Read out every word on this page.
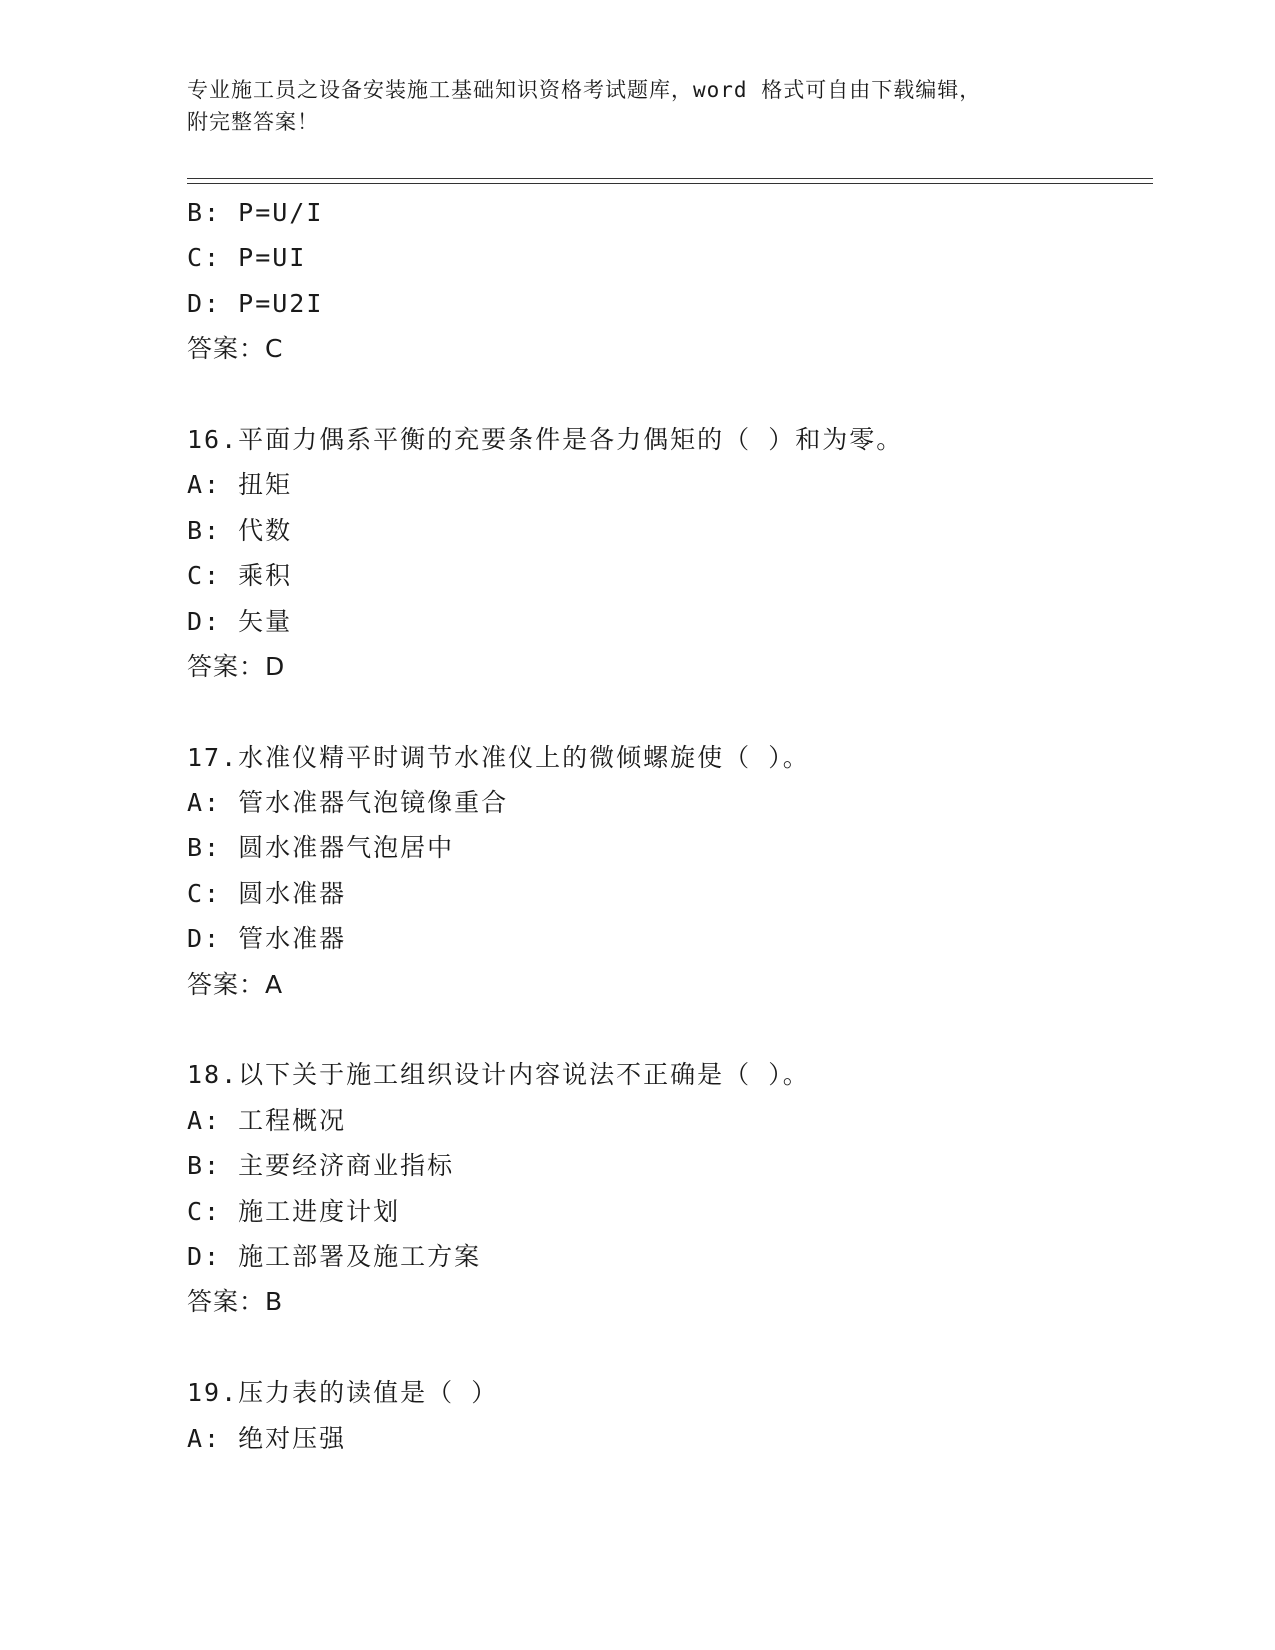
专业施工员之设备安装施工基础知识资格考试题库，word 格式可自由下载编辑，
附完整答案！
B: P=U/I
C: P=UI
D: P=U2I
答案：C
16.平面力偶系平衡的充要条件是各力偶矩的（ ）和为零。
A: 扭矩
B: 代数
C: 乘积
D: 矢量
答案：D
17.水准仪精平时调节水准仪上的微倾螺旋使（ ）。
A: 管水准器气泡镜像重合
B: 圆水准器气泡居中
C: 圆水准器
D: 管水准器
答案：A
18.以下关于施工组织设计内容说法不正确是（ ）。
A: 工程概况
B: 主要经济商业指标
C: 施工进度计划
D: 施工部署及施工方案
答案：B
19.压力表的读值是（ ）
A: 绝对压强
